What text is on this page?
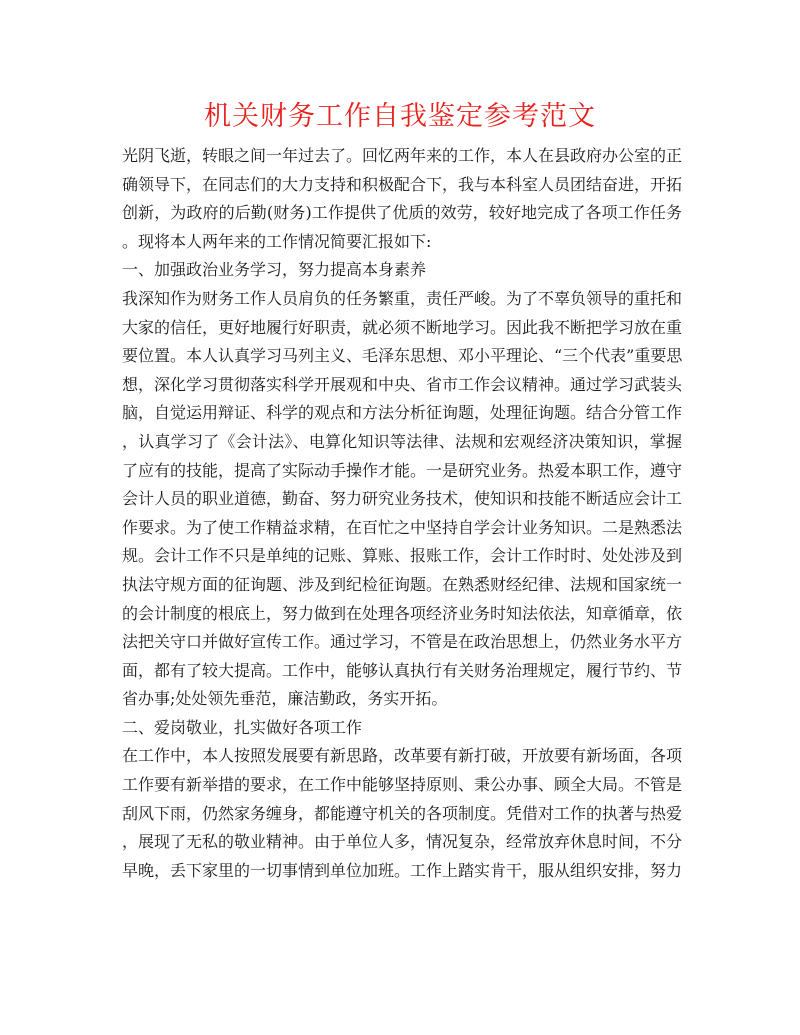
机关财务工作自我鉴定参考范文
光阴飞逝，转眼之间一年过去了。回忆两年来的工作，本人在县政府办公室的正
确领导下，在同志们的大力支持和积极配合下，我与本科室人员团结奋进，开拓
创新，为政府的后勤(财务)工作提供了优质的效劳，较好地完成了各项工作任务
。现将本人两年来的工作情况简要汇报如下:
一、加强政治业务学习，努力提高本身素养
我深知作为财务工作人员肩负的任务繁重，责任严峻。为了不辜负领导的重托和
大家的信任，更好地履行好职责，就必须不断地学习。因此我不断把学习放在重
要位置。本人认真学习马列主义、毛泽东思想、邓小平理论、“三个代表”重要思
想，深化学习贯彻落实科学开展观和中央、省市工作会议精神。通过学习武装头
脑，自觉运用辩证、科学的观点和方法分析征询题，处理征询题。结合分管工作
，认真学习了《会计法》、电算化知识等法律、法规和宏观经济决策知识，掌握
了应有的技能，提高了实际动手操作才能。一是研究业务。热爱本职工作，遵守
会计人员的职业道德，勤奋、努力研究业务技术，使知识和技能不断适应会计工
作要求。为了使工作精益求精，在百忙之中坚持自学会计业务知识。二是熟悉法
规。会计工作不只是单纯的记账、算账、报账工作，会计工作时时、处处涉及到
执法守规方面的征询题、涉及到纪检征询题。在熟悉财经纪律、法规和国家统一
的会计制度的根底上，努力做到在处理各项经济业务时知法依法，知章循章，依
法把关守口并做好宣传工作。通过学习，不管是在政治思想上，仍然业务水平方
面，都有了较大提高。工作中，能够认真执行有关财务治理规定，履行节约、节
省办事;处处领先垂范，廉洁勤政，务实开拓。
二、爱岗敬业，扎实做好各项工作
在工作中，本人按照发展要有新思路，改革要有新打破，开放要有新场面，各项
工作要有新举措的要求，在工作中能够坚持原则、秉公办事、顾全大局。不管是
刮风下雨，仍然家务缠身，都能遵守机关的各项制度。凭借对工作的执著与热爱
，展现了无私的敬业精神。由于单位人多，情况复杂，经常放弃休息时间，不分
早晚，丢下家里的一切事情到单位加班。工作上踏实肯干，服从组织安排，努力
